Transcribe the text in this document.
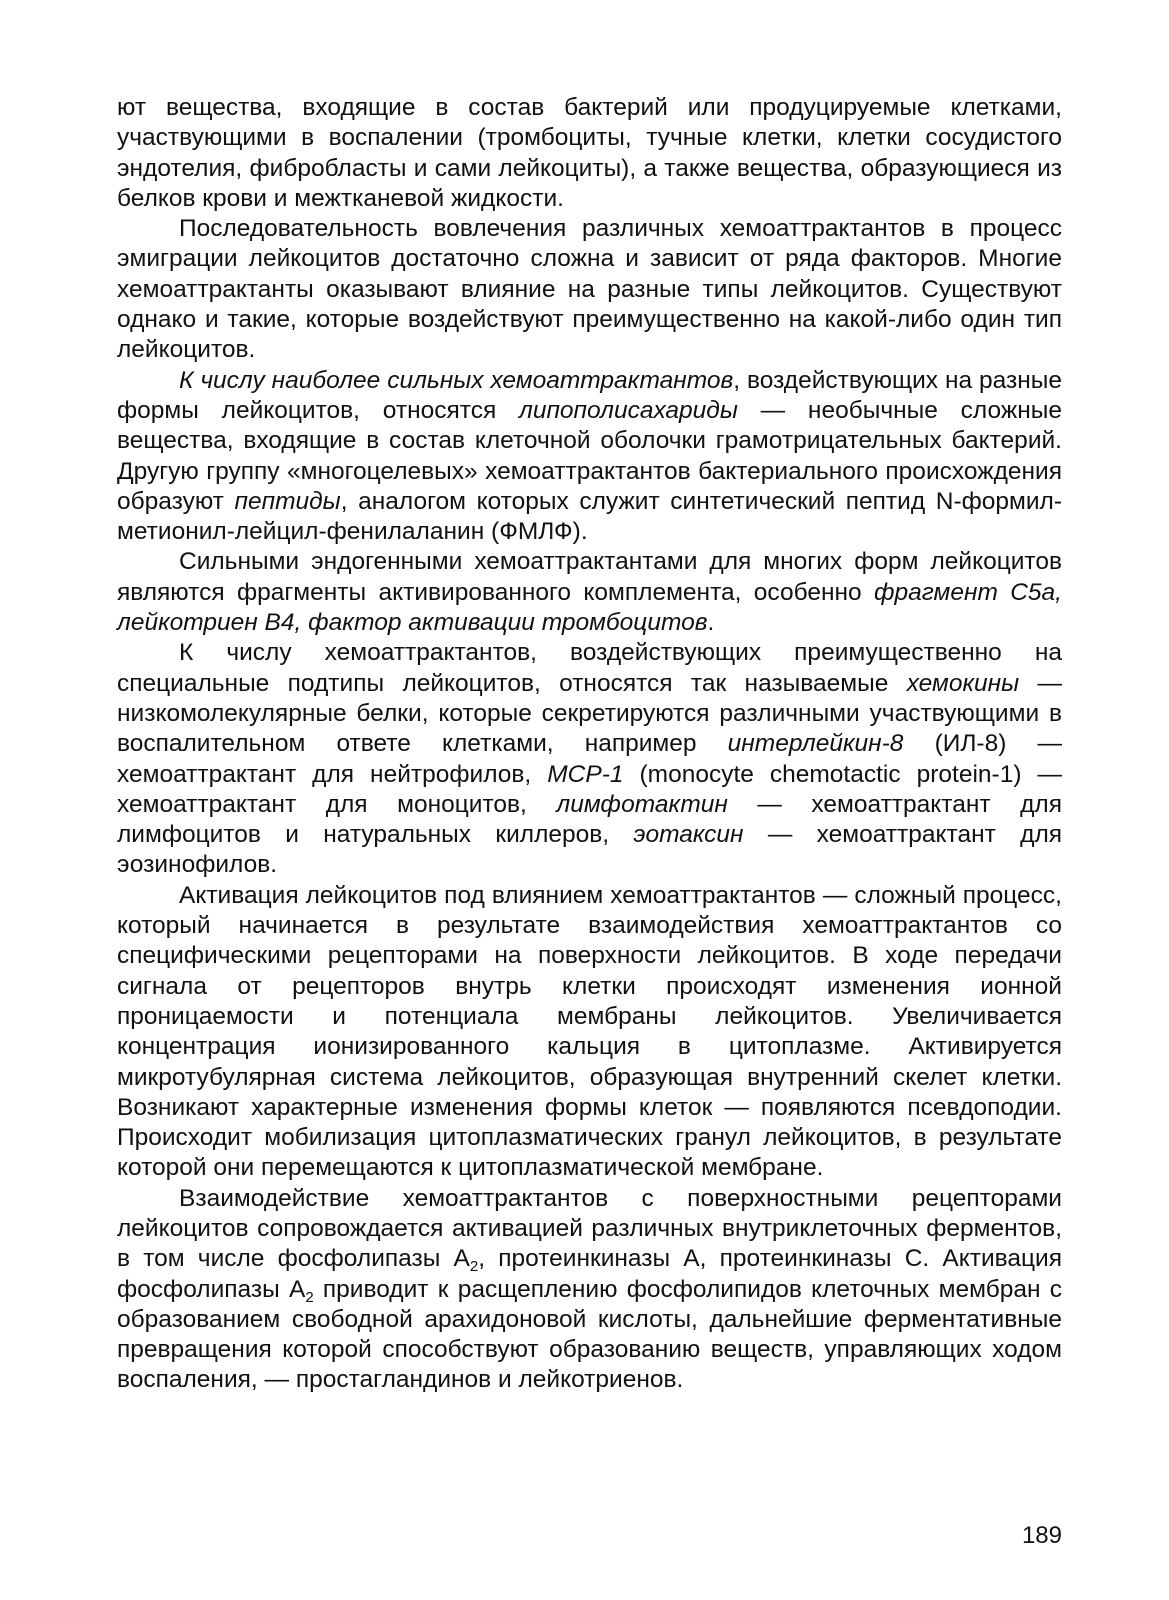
ют вещества, входящие в состав бактерий или продуцируемые клетками, участвующими в воспалении (тромбоциты, тучные клетки, клетки сосудистого эндотелия, фибробласты и сами лейкоциты), а также вещества, образующиеся из белков крови и межтканевой жидкости.

Последовательность вовлечения различных хемоаттрактантов в процесс эмиграции лейкоцитов достаточно сложна и зависит от ряда факторов. Многие хемоаттрактанты оказывают влияние на разные типы лейкоцитов. Существуют однако и такие, которые воздействуют преимущественно на какой-либо один тип лейкоцитов.

К числу наиболее сильных хемоаттрактантов, воздействующих на разные формы лейкоцитов, относятся липополисахариды — необычные сложные вещества, входящие в состав клеточной оболочки грамотрицательных бактерий. Другую группу «многоцелевых» хемоаттрактантов бактериального происхождения образуют пептиды, аналогом которых служит синтетический пептид N-формил-метионил-лейцил-фенилаланин (ФМЛФ).

Сильными эндогенными хемоаттрактантами для многих форм лейкоцитов являются фрагменты активированного комплемента, особенно фрагмент С5а, лейкотриен В4, фактор активации тромбоцитов.

К числу хемоаттрактантов, воздействующих преимущественно на специальные подтипы лейкоцитов, относятся так называемые хемокины — низкомолекулярные белки, которые секретируются различными участвующими в воспалительном ответе клетками, например интерлейкин-8 (ИЛ-8) — хемоаттрактант для нейтрофилов, МСР-1 (monocyte chemotactic protein-1) — хемоаттрактант для моноцитов, лимфотактин — хемоаттрактант для лимфоцитов и натуральных киллеров, эотаксин — хемоаттрактант для эозинофилов.

Активация лейкоцитов под влиянием хемоаттрактантов — сложный процесс, который начинается в результате взаимодействия хемоаттрактантов со специфическими рецепторами на поверхности лейкоцитов. В ходе передачи сигнала от рецепторов внутрь клетки происходят изменения ионной проницаемости и потенциала мембраны лейкоцитов. Увеличивается концентрация ионизированного кальция в цитоплазме. Активируется микротубулярная система лейкоцитов, образующая внутренний скелет клетки. Возникают характерные изменения формы клеток — появляются псевдоподии. Происходит мобилизация цитоплазматических гранул лейкоцитов, в результате которой они перемещаются к цитоплазматической мембране.

Взаимодействие хемоаттрактантов с поверхностными рецепторами лейкоцитов сопровождается активацией различных внутриклеточных ферментов, в том числе фосфолипазы $А_2$, протеинкиназы А, протеинкиназы С. Активация фосфолипазы $А_2$ приводит к расщеплению фосфолипидов клеточных мембран с образованием свободной арахидоновой кислоты, дальнейшие ферментативные превращения которой способствуют образованию веществ, управляющих ходом воспаления, — простагландинов и лейкотриенов.

189
